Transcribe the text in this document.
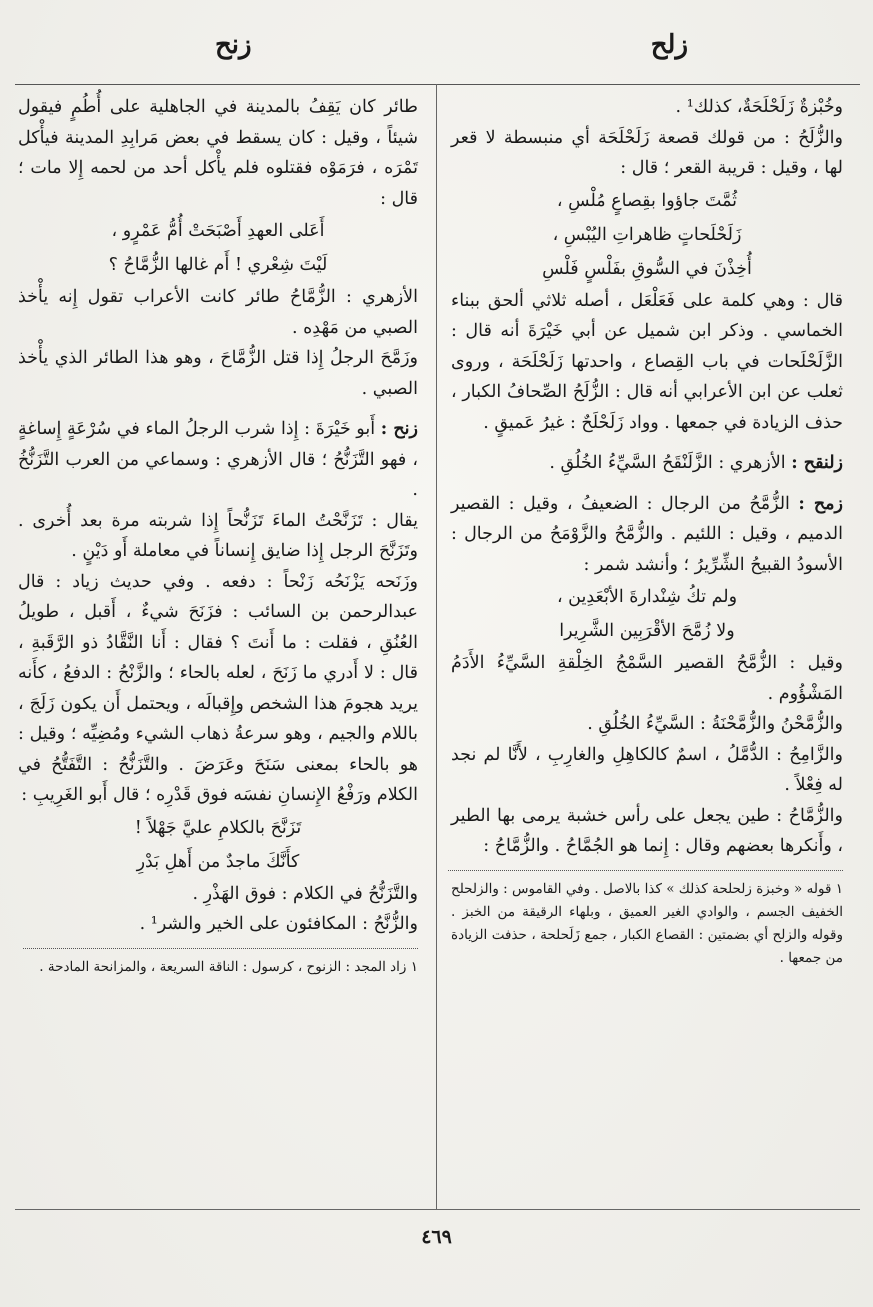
زلح
زنح

وخُبْزةٌ زَلَحْلَحَةٌ، كذلك¹ .

والزُّلَحُ : من قولك قصعة زَلَحْلَحَة أي منبسطة لا قعر لها ، وقيل : قريبة القعر ؛ قال :

ثُمَّتَ جاؤوا بقِصاعٍ مُلْسِ ،

زَلَحْلَحاتٍ ظاهراتِ اليُبْسِ ،

أُخِذْنَ في السُّوقِ بفَلْسٍ فَلْسِ

قال : وهي كلمة على فَعَلْعَل ، أصله ثلاثي ألحق ببناء الخماسي . وذكر ابن شميل عن أبي خَيْرَةَ أنه قال : الزَّلَحْلَحات في باب القِصاع ، واحدتها زَلَحْلَحَة ، وروى ثعلب عن ابن الأعرابي أنه قال : الزُّلَحُ الصِّحافُ الكبار ، حذف الزيادة في جمعها . وواد زَلَحْلَحٌ : غيرُ عَميقٍ .

زلنقح : الأزهري : الزَّلَنْقَحُ السَّيِّءُ الخُلُقِ .

زمح : الزُّمَّحُ من الرجال : الضعيفُ ، وقيل : القصير الدميم ، وقيل : اللئيم . والزُّمَّحُ والزَّوْمَحُ من الرجال : الأسودُ القبيحُ الشِّرِّيرُ ؛ وأنشد شمر :

ولم تكُ شِنْدارةَ الأبْعَدِين ،

ولا زُمَّحَ الأقْرَبِين الشَّرِيرا

وقيل : الزُّمَّحُ القصير السَّمْجُ الخِلْقةِ السَّيِّءُ الأَدَمُ المَشْؤُوم .

والزُّمَّحْنُ والزُّمَّحْنَةُ : السَّيِّءُ الخُلُقِ .

والزَّامِحُ : الدُّمَّلُ ، اسمٌ كالكاهِلِ والغارِبِ ، لأَنَّا لم نجد له فِعْلاً .

والزُّمَّاحُ : طين يجعل على رأس خشبة يرمى بها الطير ، وأَنكرها بعضهم وقال : إِنما هو الجُمَّاحُ . والزُّمَّاحُ :

١ قوله « وخبزة زلحلحة كذلك » كذا بالاصل . وفي القاموس : والزلحلح الخفيف الجسم ، والوادي الغير العميق ، وبلهاء الرقيقة من الخبز . وقوله والزلح أي بضمتين : القصاع الكبار ، جمع زَلَحلحة ، حذفت الزيادة من جمعها .

طائر كان يَقِفُ بالمدينة في الجاهلية على أُطُمٍ فيقول شيئاً ، وقيل : كان يسقط في بعض مَرابِدِ المدينة فيأْكل تَمْرَه ، فرَمَوْه فقتلوه فلم يأْكل أحد من لحمه إِلا مات ؛ قال :

أَعَلى العهدِ أَصْبَحَتْ أُمُّ عَمْرٍو ،

لَيْتَ شِعْري ! أَم غالها الزُّمَّاحُ ؟

الأزهري : الزُّمَّاحُ طائر كانت الأعراب تقول إِنه يأْخذ الصبي من مَهْدِه .

وزَمَّحَ الرجلُ إِذا قتل الزُّمَّاحَ ، وهو هذا الطائر الذي يأْخذ الصبي .

زنح : أَبو خَيْرَةَ : إِذا شرب الرجلُ الماء في سُرْعَةٍ إِساغةٍ ، فهو التَّزَنُّحُ ؛ قال الأزهري : وسماعي من العرب التَّزَنُّخُ .

يقال : تَزَنَّحْتُ الماءَ تَزَنُّحاً إِذا شربته مرة بعد أُخرى . وتَزَنَّحَ الرجل إِذا ضايق إِنساناً في معاملة أَو دَيْنٍ .

وزَنَحه يَزْنَحُه زَنْحاً : دفعه . وفي حديث زياد : قال عبدالرحمن بن السائب : فزَنَحَ شيءٌ ، أَقبل ، طويلُ العُنُقِ ، فقلت : ما أَنتَ ؟ فقال : أَنا النَّقَّادُ ذو الرَّقَبةِ ، قال : لا أَدري ما زَنَحَ ، لعله بالحاء ؛ والزَّنْحُ : الدفعُ ، كأَنه يريد هجومَ هذا الشخص وإِقبالَه ، ويحتمل أَن يكون زَلَجَ ، باللام والجيم ، وهو سرعةُ ذهاب الشيء ومُضِيِّه ؛ وقيل : هو بالحاء بمعنى سَنَحَ وعَرَضَ . والتَّزَنُّحُ : التَّفَتُّحُ في الكلام ورَفْعُ الإِنسانِ نفسَه فوق قَدْرِه ؛ قال أَبو الغَرِيبِ :

تَزَنَّحَ بالكلامِ عليَّ جَهْلاً !

كأَنَّكَ ماجدٌ من أَهلِ بَدْرِ

والتَّزَنُّحُ في الكلام : فوق الهَذْرِ .

والزُّنَّحُ : المكافئون على الخير والشر¹ .

١ زاد المجد : الزنوح ، كرسول : الناقة السريعة ، والمزانحة المادحة .

٤٦٩
